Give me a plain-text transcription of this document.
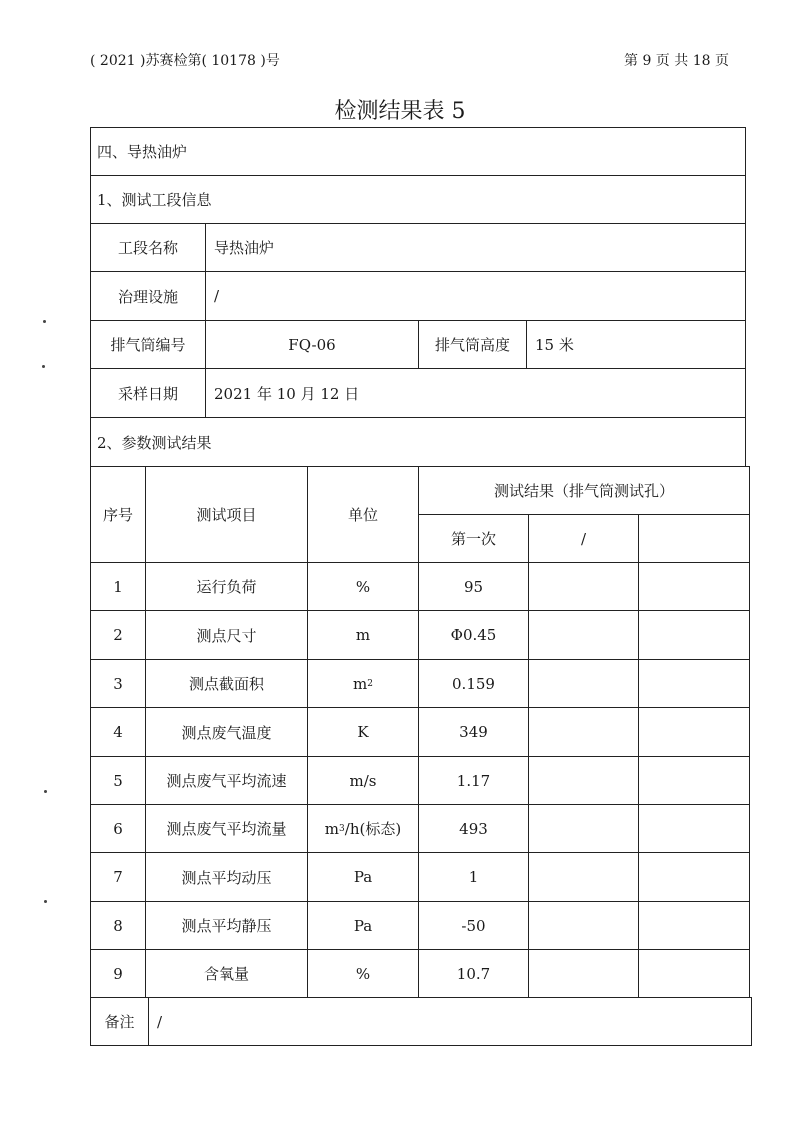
( 2021 )苏赛检第( 10178 )号	第 9 页 共 18 页
检测结果表 5
四、导热油炉
1、测试工段信息
工段名称	导热油炉
治理设施	/
排气筒编号	FQ-06	排气筒高度	15 米
采样日期	2021 年 10 月 12 日
2、参数测试结果
序号	测试项目	单位
测试结果（排气筒测试孔）
第一次	/
1	运行负荷	%	95
2	测点尺寸	m	Φ0.45
3	测点截面积	m 2	0.159
4	测点废气温度	K	349
5	测点废气平均流速	m/s	1.17
6	测点废气平均流量	m 3 /h(标态)	493
7	测点平均动压	Pa	1
8	测点平均静压	Pa	-50
9	含氧量	%	10.7
备注	/
